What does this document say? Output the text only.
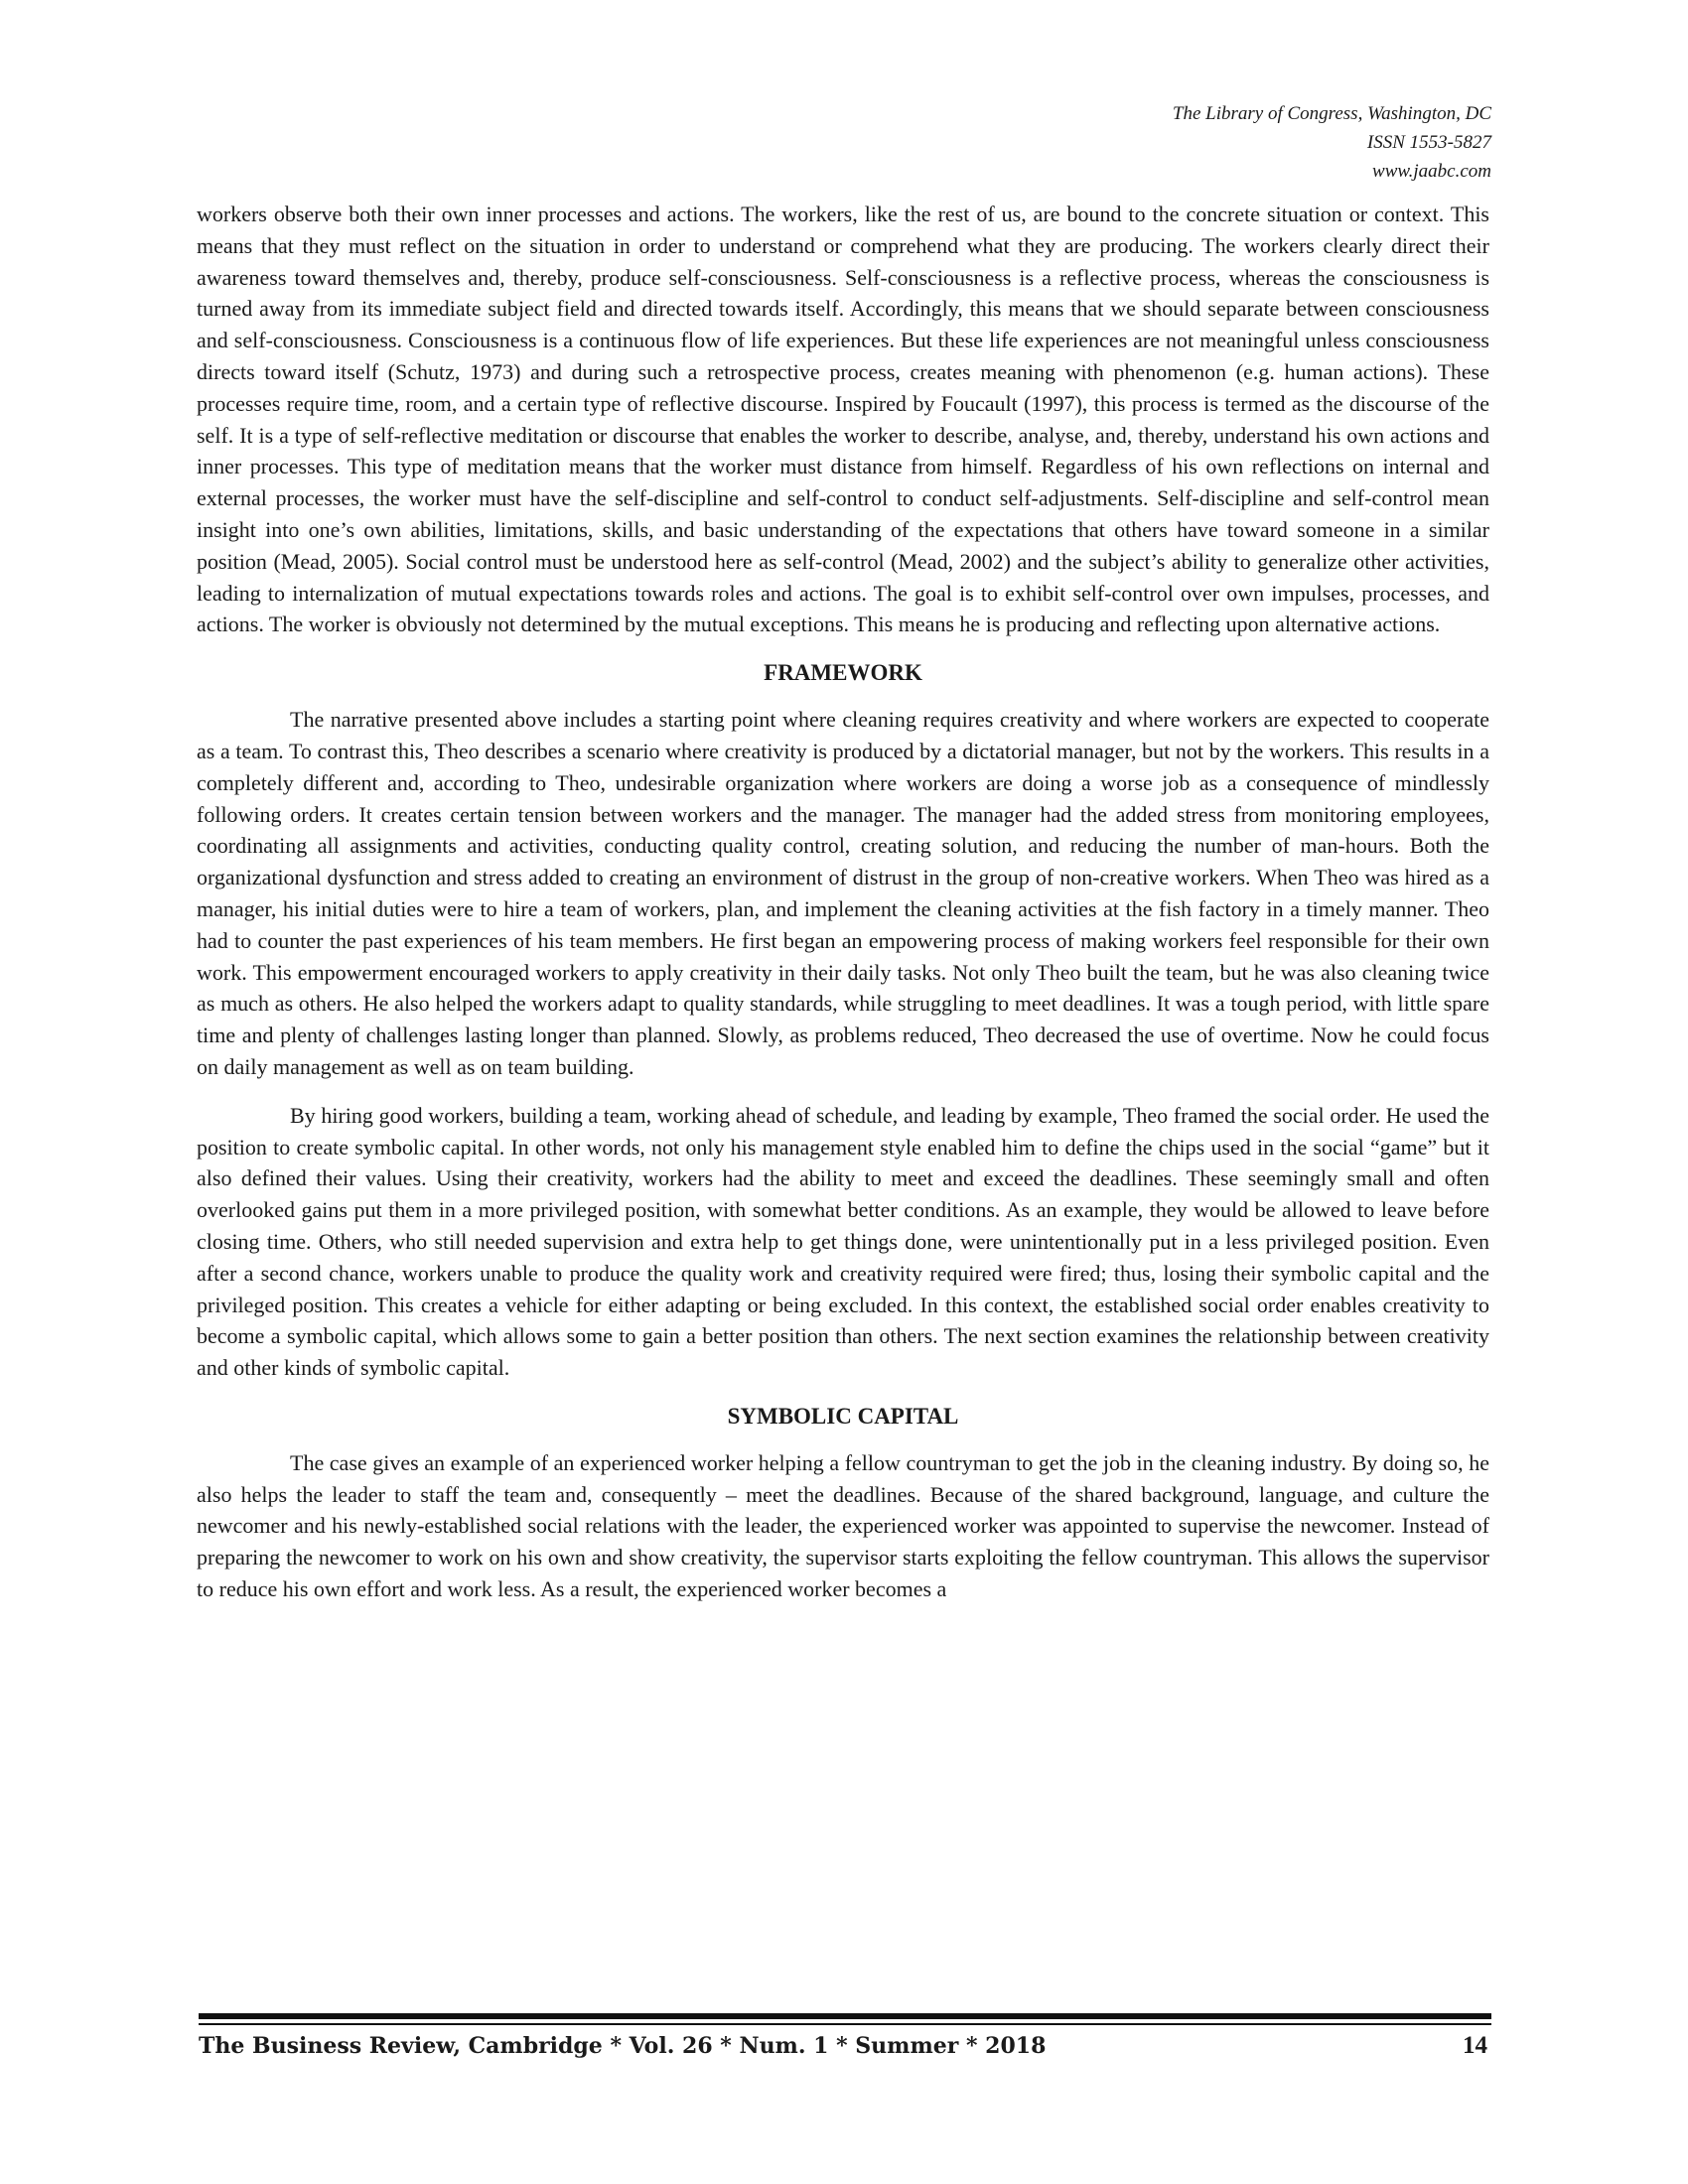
The Library of Congress, Washington, DC
ISSN 1553-5827
www.jaabc.com

workers observe both their own inner processes and actions. The workers, like the rest of us, are bound to the concrete situation or context. This means that they must reflect on the situation in order to understand or comprehend what they are producing. The workers clearly direct their awareness toward themselves and, thereby, produce self-consciousness. Self-consciousness is a reflective process, whereas the consciousness is turned away from its immediate subject field and directed towards itself. Accordingly, this means that we should separate between consciousness and self-consciousness. Consciousness is a continuous flow of life experiences. But these life experiences are not meaningful unless consciousness directs toward itself (Schutz, 1973) and during such a retrospective process, creates meaning with phenomenon (e.g. human actions). These processes require time, room, and a certain type of reflective discourse. Inspired by Foucault (1997), this process is termed as the discourse of the self. It is a type of self-reflective meditation or discourse that enables the worker to describe, analyse, and, thereby, understand his own actions and inner processes. This type of meditation means that the worker must distance from himself. Regardless of his own reflections on internal and external processes, the worker must have the self-discipline and self-control to conduct self-adjustments. Self-discipline and self-control mean insight into one’s own abilities, limitations, skills, and basic understanding of the expectations that others have toward someone in a similar position (Mead, 2005). Social control must be understood here as self-control (Mead, 2002) and the subject’s ability to generalize other activities, leading to internalization of mutual expectations towards roles and actions. The goal is to exhibit self-control over own impulses, processes, and actions. The worker is obviously not determined by the mutual exceptions. This means he is producing and reflecting upon alternative actions.

FRAMEWORK

The narrative presented above includes a starting point where cleaning requires creativity and where workers are expected to cooperate as a team. To contrast this, Theo describes a scenario where creativity is produced by a dictatorial manager, but not by the workers. This results in a completely different and, according to Theo, undesirable organization where workers are doing a worse job as a consequence of mindlessly following orders. It creates certain tension between workers and the manager. The manager had the added stress from monitoring employees, coordinating all assignments and activities, conducting quality control, creating solution, and reducing the number of man-hours. Both the organizational dysfunction and stress added to creating an environment of distrust in the group of non-creative workers. When Theo was hired as a manager, his initial duties were to hire a team of workers, plan, and implement the cleaning activities at the fish factory in a timely manner. Theo had to counter the past experiences of his team members. He first began an empowering process of making workers feel responsible for their own work. This empowerment encouraged workers to apply creativity in their daily tasks. Not only Theo built the team, but he was also cleaning twice as much as others. He also helped the workers adapt to quality standards, while struggling to meet deadlines. It was a tough period, with little spare time and plenty of challenges lasting longer than planned. Slowly, as problems reduced, Theo decreased the use of overtime. Now he could focus on daily management as well as on team building.

By hiring good workers, building a team, working ahead of schedule, and leading by example, Theo framed the social order. He used the position to create symbolic capital. In other words, not only his management style enabled him to define the chips used in the social “game” but it also defined their values. Using their creativity, workers had the ability to meet and exceed the deadlines. These seemingly small and often overlooked gains put them in a more privileged position, with somewhat better conditions. As an example, they would be allowed to leave before closing time. Others, who still needed supervision and extra help to get things done, were unintentionally put in a less privileged position. Even after a second chance, workers unable to produce the quality work and creativity required were fired; thus, losing their symbolic capital and the privileged position. This creates a vehicle for either adapting or being excluded. In this context, the established social order enables creativity to become a symbolic capital, which allows some to gain a better position than others. The next section examines the relationship between creativity and other kinds of symbolic capital.

SYMBOLIC CAPITAL

The case gives an example of an experienced worker helping a fellow countryman to get the job in the cleaning industry. By doing so, he also helps the leader to staff the team and, consequently – meet the deadlines. Because of the shared background, language, and culture the newcomer and his newly-established social relations with the leader, the experienced worker was appointed to supervise the newcomer. Instead of preparing the newcomer to work on his own and show creativity, the supervisor starts exploiting the fellow countryman. This allows the supervisor to reduce his own effort and work less. As a result, the experienced worker becomes a

The Business Review, Cambridge * Vol. 26 * Num. 1 * Summer * 2018	14
